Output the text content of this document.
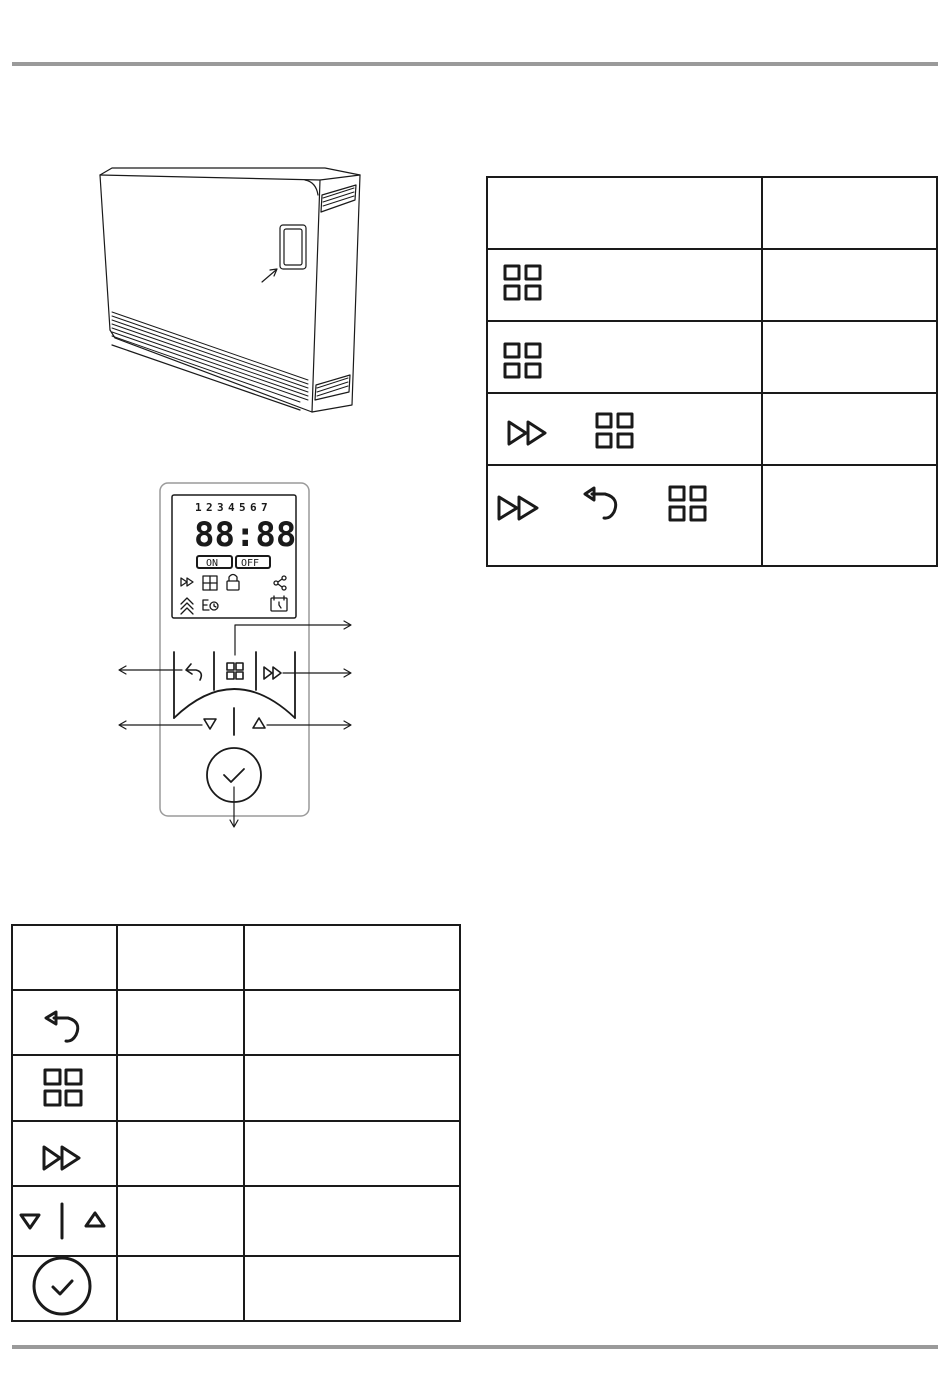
1 2 3 4 5 6 7
88:88
ON OFF
